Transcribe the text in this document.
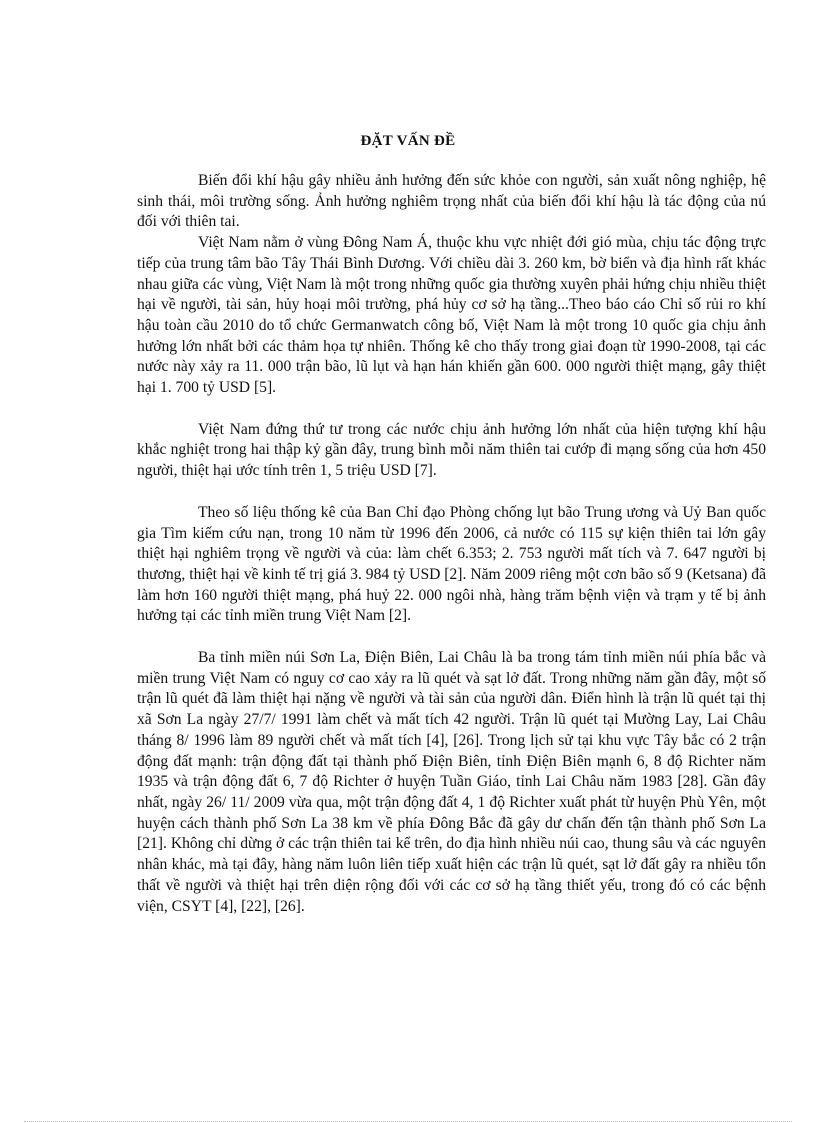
ĐẶT VẤN ĐỀ

Biến đổi khí hậu gây nhiều ảnh hưởng đến sức khỏe con người, sản xuất nông nghiệp, hệ sinh thái, môi trường sống. Ảnh hưởng nghiêm trọng nhất của biến đổi khí hậu là tác động của nú đối với thiên tai.

Việt Nam nằm ở vùng Đông Nam Á, thuộc khu vực nhiệt đới gió mùa, chịu tác động trực tiếp của trung tâm bão Tây Thái Bình Dương. Với chiều dài 3. 260 km, bờ biển và địa hình rất khác nhau giữa các vùng, Việt Nam là một trong những quốc gia thường xuyên phải hứng chịu nhiều thiệt hại về người, tài sản, hủy hoại môi trường, phá hủy cơ sở hạ tầng...Theo báo cáo Chỉ số rủi ro khí hậu toàn cầu 2010 do tổ chức Germanwatch công bố, Việt Nam là một trong 10 quốc gia chịu ảnh hưởng lớn nhất bởi các thảm họa tự nhiên. Thống kê cho thấy trong giai đoạn từ 1990-2008, tại các nước này xảy ra 11. 000 trận bão, lũ lụt và hạn hán khiến gần 600. 000 người thiệt mạng, gây thiệt hại 1. 700 tỷ USD [5].

Việt Nam đứng thứ tư trong các nước chịu ảnh hưởng lớn nhất của hiện tượng khí hậu khắc nghiệt trong hai thập kỷ gần đây, trung bình mỗi năm thiên tai cướp đi mạng sống của hơn 450 người, thiệt hại ước tính trên 1, 5 triệu USD [7].

Theo số liệu thống kê của Ban Chỉ đạo Phòng chống lụt bão Trung ương và Uỷ Ban quốc gia Tìm kiếm cứu nạn, trong 10 năm từ 1996 đến 2006, cả nước có 115 sự kiện thiên tai lớn gây thiệt hại nghiêm trọng về người và của: làm chết 6.353; 2. 753 người mất tích và 7. 647 người bị thương, thiệt hại về kinh tế trị giá 3. 984 tỷ USD [2]. Năm 2009 riêng một cơn bão số 9 (Ketsana) đã làm hơn 160 người thiệt mạng, phá huỷ 22. 000 ngôi nhà, hàng trăm bệnh viện và trạm y tế bị ảnh hưởng tại các tỉnh miền trung Việt Nam [2].

Ba tỉnh miền núi Sơn La, Điện Biên, Lai Châu là ba trong tám tỉnh miền núi phía bắc và miền trung Việt Nam có nguy cơ cao xảy ra lũ quét và sạt lở đất. Trong những năm gần đây, một số trận lũ quét đã làm thiệt hại nặng về người và tài sản của người dân. Điển hình là trận lũ quét tại thị xã Sơn La ngày 27/7/ 1991 làm chết và mất tích 42 người. Trận lũ quét tại Mường Lay, Lai Châu tháng 8/ 1996 làm 89 người chết và mất tích [4], [26]. Trong lịch sử tại khu vực Tây bắc có 2 trận động đất mạnh: trận động đất tại thành phố Điện Biên, tỉnh Điện Biên mạnh 6, 8 độ Richter năm 1935 và trận động đất 6, 7 độ Richter ở huyện Tuần Giáo, tỉnh Lai Châu năm 1983 [28]. Gần đây nhất, ngày 26/ 11/ 2009 vừa qua, một trận động đất 4, 1 độ Richter xuất phát từ huyện Phù Yên, một huyện cách thành phố Sơn La 38 km về phía Đông Bắc đã gây dư chấn đến tận thành phố Sơn La [21]. Không chỉ dừng ở các trận thiên tai kể trên, do địa hình nhiều núi cao, thung sâu và các nguyên nhân khác, mà tại đây, hàng năm luôn liên tiếp xuất hiện các trận lũ quét, sạt lở đất gây ra nhiều tổn thất về người và thiệt hại trên diện rộng đối với các cơ sở hạ tầng thiết yếu, trong đó có các bệnh viện, CSYT [4], [22], [26].
